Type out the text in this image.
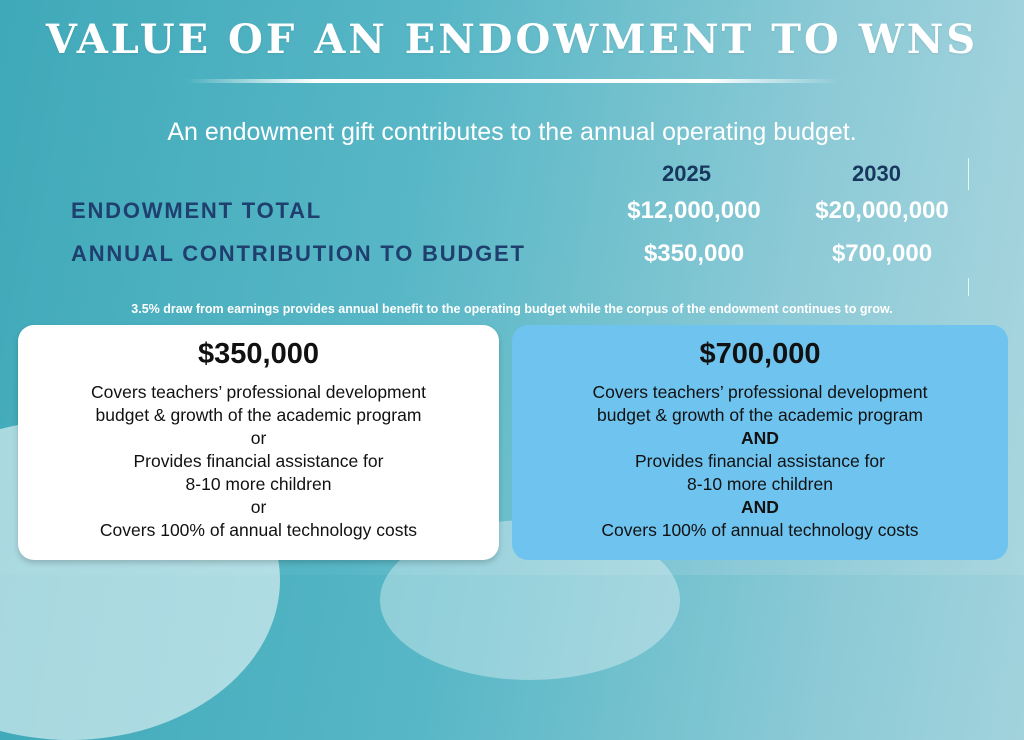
VALUE OF AN ENDOWMENT TO WNS
An endowment gift contributes to the annual operating budget.
2025	2030
ENDOWMENT TOTAL	$12,000,000	$20,000,000
ANNUAL CONTRIBUTION TO BUDGET	$350,000	$700,000
3.5% draw from earnings provides annual benefit to the operating budget while the corpus of the endowment continues to grow.
$350,000
Covers teachers’ professional development
budget & growth of the academic program
or
Provides financial assistance for
8-10 more children
or
Covers 100% of annual technology costs
$700,000
Covers teachers’ professional development
budget & growth of the academic program
AND
Provides financial assistance for
8-10 more children
AND
Covers 100% of annual technology costs
